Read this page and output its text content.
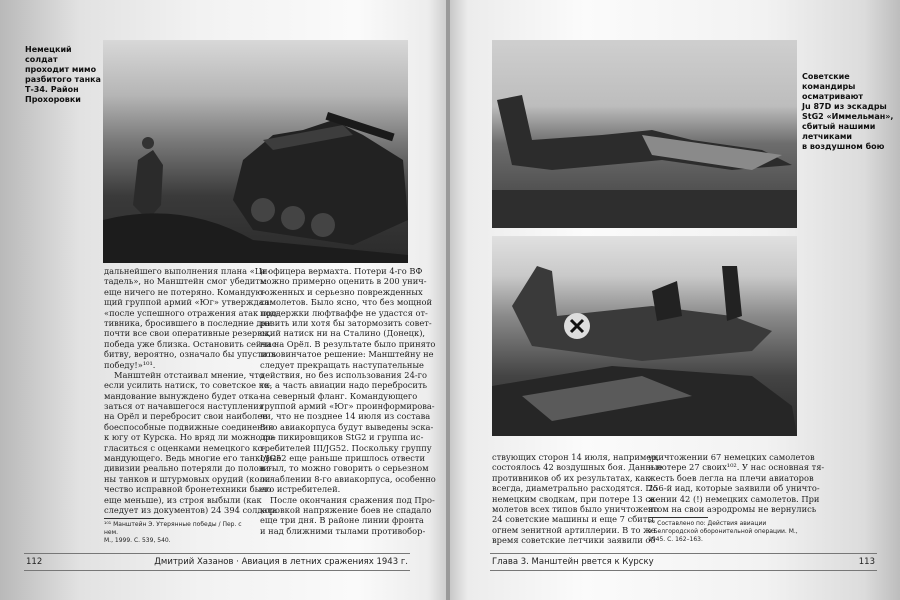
Немецкий солдат
проходит мимо
разбитого танка
Т-34. Район
Прохоровки
дальнейшего выполнения плана «Ци-
тадель», но Манштейн смог убедить:
еще ничего не потеряно. Командую-
щий группой армий «Юг» утверждал:
«после успешного отражения атак про-
тивника, бросившего в последние дни
почти все свои оперативные резервы,
победа уже близка. Остановить сейчас
битву, вероятно, означало бы упустить
победу!»¹⁰¹.
Манштейн отстаивал мнение, что
если усилить натиск, то советское ко-
мандование вынуждено будет отка-
заться от начавшегося наступления
на Орёл и перебросит свои наиболее
боеспособные подвижные соединения
к югу от Курска. Но вряд ли можно со-
гласиться с оценками немецкого ко-
мандующего. Ведь многие его танковые
дивизии реально потеряли до полови-
ны танков и штурмовых орудий (коли-
чество исправной бронетехники было
еще меньше), из строя выбыли (как
следует из документов) 24 394 солдата
¹⁰¹ Манштейн Э. Утерянные победы / Пер. с нем.
М., 1999. С. 539, 540.
и офицера вермахта. Потери 4-го ВФ
можно примерно оценить в 200 унич-
тоженных и серьезно поврежденных
самолетов. Было ясно, что без мощной
поддержки люфтваффе не удастся от-
разить или хотя бы затормозить совет-
ский натиск ни на Сталино (Донецк),
ни на Орёл. В результате было принято
половинчатое решение: Манштейну не
следует прекращать наступательные
действия, но без использования 24-го
тк, а часть авиации надо перебросить
на северный фланг. Командующего
группой армий «Юг» проинформирова-
ли, что не позднее 14 июля из состава
8-го авиакорпуса будут выведены эска-
дра пикировщиков StG2 и группа ис-
требителей III/JG52. Поскольку группу
I/JG52 еще раньше пришлось отвести
в тыл, то можно говорить о серьезном
ослаблении 8-го авиакорпуса, особенно
его истребителей.
После окончания сражения под Про-
хоровкой напряжение боев не спадало
еще три дня. В районе линии фронта
и над ближними тылами противобор-
112	Дмитрий Хазанов · Авиация в летних сражениях 1943 г.
Советские
командиры
осматривают
Ju 87D из эскадры
StG2 «Иммельман»,
сбитый нашими
летчиками
в воздушном бою
ствующих сторон 14 июля, например,
состоялось 42 воздушных боя. Данные
противников об их результатах, как
всегда, диаметрально расходятся. По
немецким сводкам, при потере 13 са-
молетов всех типов было уничтожено
24 советские машины и еще 7 сбиты
огнем зенитной артиллерии. В то же
время советские летчики заявили об
уничтожении 67 немецких самолетов
и потере 27 своих¹⁰². У нас основная тя-
жесть боев легла на плечи авиаторов
256-й иад, которые заявили об уничто-
жении 42 (!) немецких самолетов. При
этом на свои аэродромы не вернулись
¹⁰² Составлено по: Действия авиации
в Белгородской оборонительной операции. М.,
1945. С. 162–163.
Глава 3. Манштейн рвется к Курску	113
